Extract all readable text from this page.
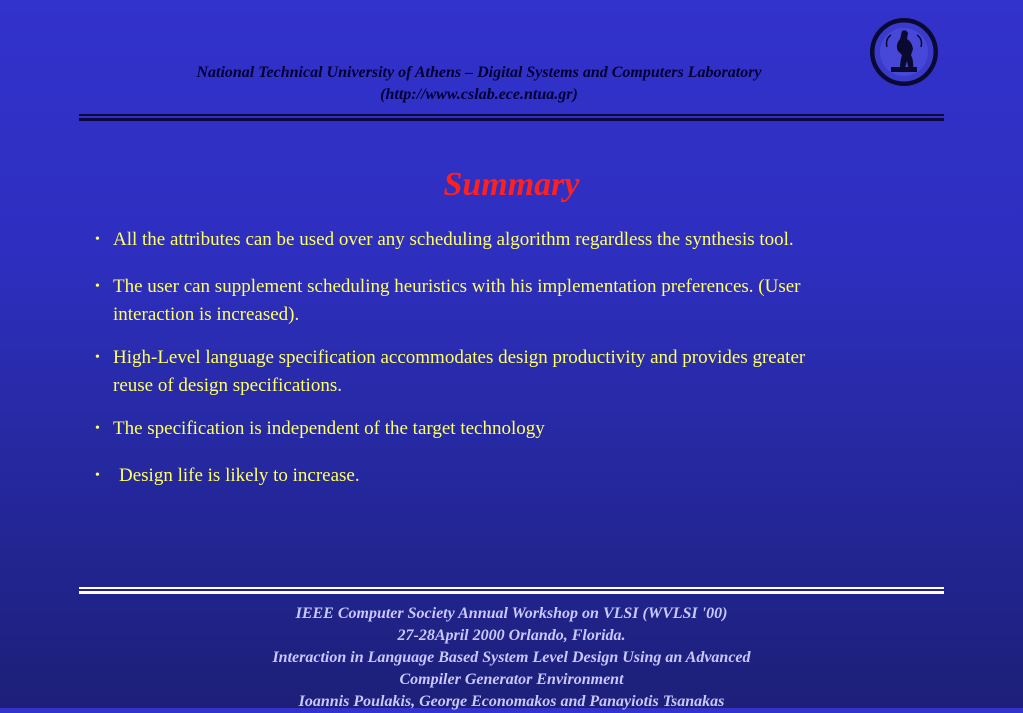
National Technical University of Athens – Digital Systems and Computers Laboratory
(http://www.cslab.ece.ntua.gr)
Summary
• All the attributes can be used over any scheduling algorithm regardless the synthesis tool.
• The user can supplement scheduling heuristics with his implementation preferences. (User
interaction is increased).
• High-Level language specification accommodates design productivity and provides greater
reuse of design specifications.
• The specification is independent of the target technology
•	Design life is likely to increase.
IEEE Computer Society Annual Workshop on VLSI (WVLSI '00)
27-28April 2000 Orlando, Florida.
Interaction in Language Based System Level Design Using an Advanced
Compiler Generator Environment
Ioannis Poulakis, George Economakos and Panayiotis Tsanakas
